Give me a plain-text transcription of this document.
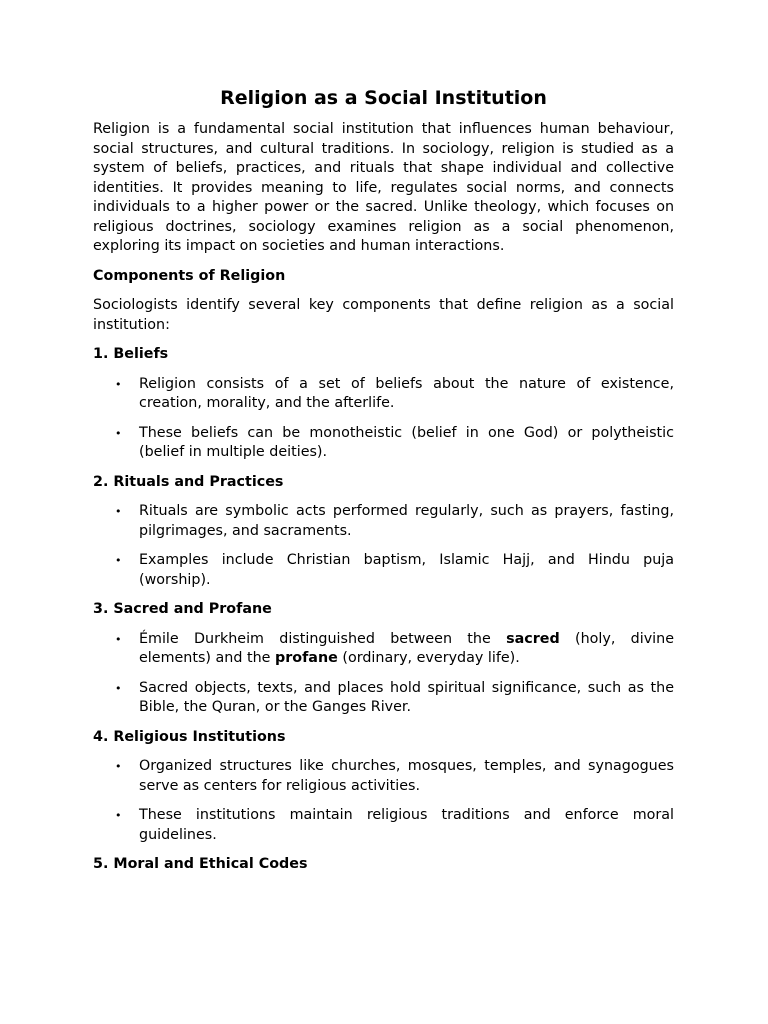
Religion as a Social Institution

Religion is a fundamental social institution that influences human behaviour, social structures, and cultural traditions. In sociology, religion is studied as a system of beliefs, practices, and rituals that shape individual and collective identities. It provides meaning to life, regulates social norms, and connects individuals to a higher power or the sacred. Unlike theology, which focuses on religious doctrines, sociology examines religion as a social phenomenon, exploring its impact on societies and human interactions.

Components of Religion

Sociologists identify several key components that define religion as a social institution:

1. Beliefs
• Religion consists of a set of beliefs about the nature of existence, creation, morality, and the afterlife.
• These beliefs can be monotheistic (belief in one God) or polytheistic (belief in multiple deities).
2. Rituals and Practices
• Rituals are symbolic acts performed regularly, such as prayers, fasting, pilgrimages, and sacraments.
• Examples include Christian baptism, Islamic Hajj, and Hindu puja (worship).
3. Sacred and Profane
• Émile Durkheim distinguished between the sacred (holy, divine elements) and the profane (ordinary, everyday life).
• Sacred objects, texts, and places hold spiritual significance, such as the Bible, the Quran, or the Ganges River.
4. Religious Institutions
• Organized structures like churches, mosques, temples, and synagogues serve as centers for religious activities.
• These institutions maintain religious traditions and enforce moral guidelines.
5. Moral and Ethical Codes
